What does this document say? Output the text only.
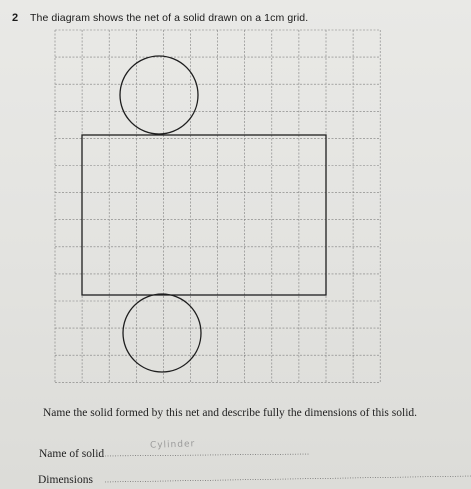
2 The diagram shows the net of a solid drawn on a 1cm grid.
Name the solid formed by this net and describe fully the dimensions of this solid.
Name of solid
Cylinder
Dimensions
